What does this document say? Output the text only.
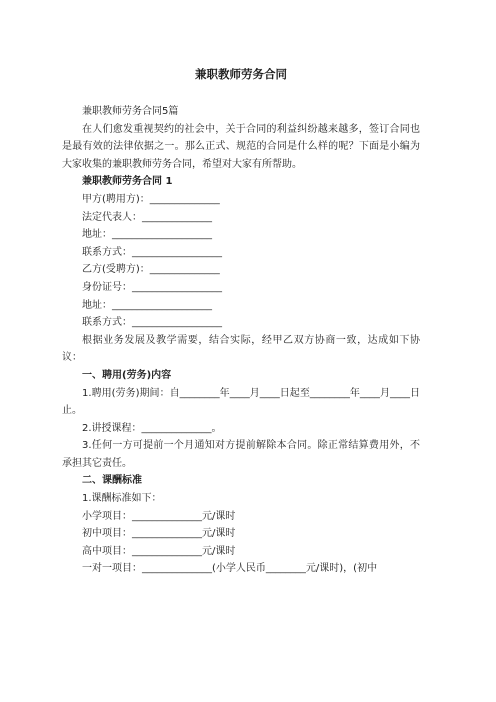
兼职教师劳务合同

兼职教师劳务合同5篇

在人们愈发重视契约的社会中，关于合同的利益纠纷越来越多，签订合同也是最有效的法律依据之一。那么正式、规范的合同是什么样的呢？下面是小编为大家收集的兼职教师劳务合同，希望对大家有所帮助。

兼职教师劳务合同 1

甲方(聘用方)：______________

法定代表人：______________

地址：____________________

联系方式：__________________

乙方(受聘方)：______________

身份证号：__________________

地址：____________________

联系方式：__________________

根据业务发展及教学需要，结合实际，经甲乙双方协商一致，达成如下协议：

一、聘用(劳务)内容

1.聘用(劳务)期间：自________年____月____日起至________年____月____日止。

2.讲授课程：______________。

3.任何一方可提前一个月通知对方提前解除本合同。除正常结算费用外，不承担其它责任。

二、课酬标准

1.课酬标准如下：

小学项目：______________元/课时

初中项目：______________元/课时

高中项目：______________元/课时

一对一项目：______________(小学人民币________元/课时)，(初中
